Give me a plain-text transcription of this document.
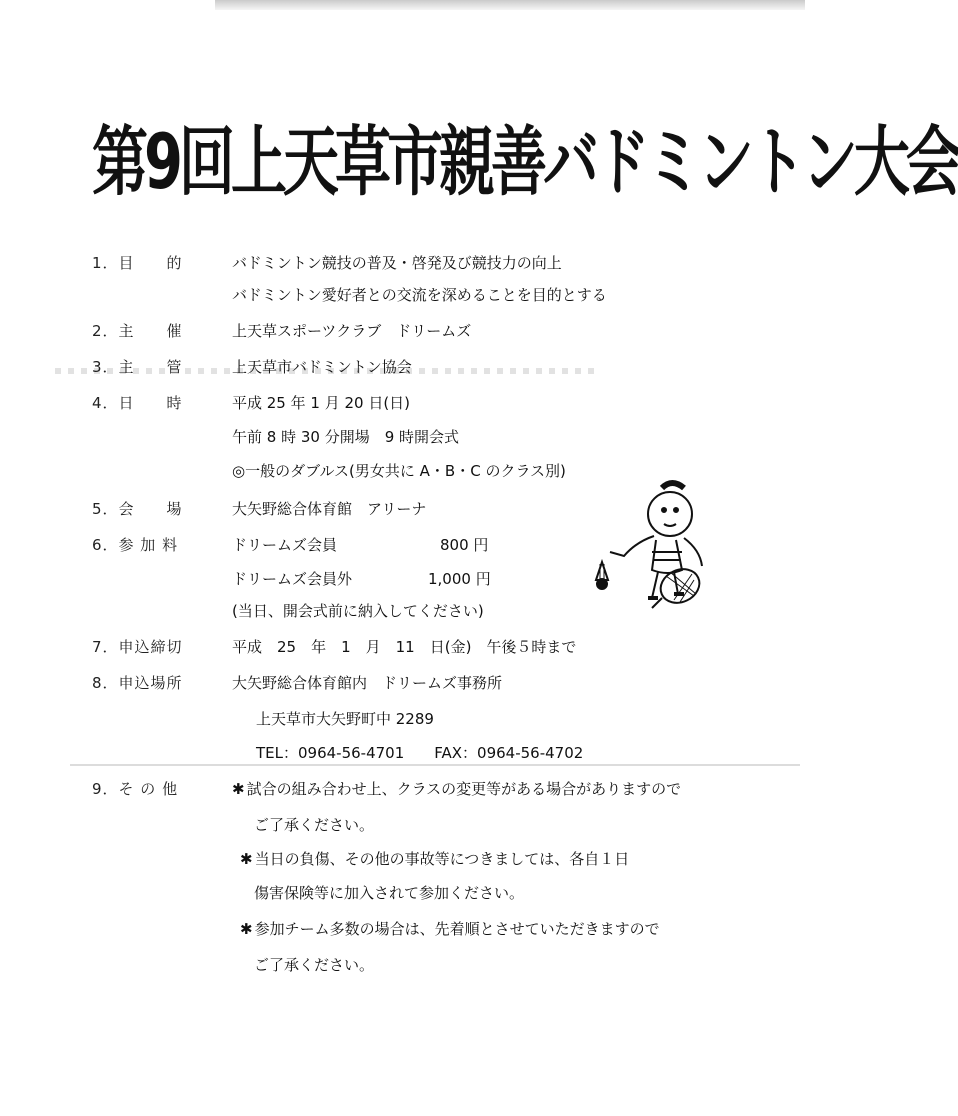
第9回上天草市親善バドミントン大会
1．目　　的	バドミントン競技の普及・啓発及び競技力の向上
バドミントン愛好者との交流を深めることを目的とする
2．主　　催	上天草スポーツクラブ　ドリームズ
3．主　　管	上天草市バドミントン協会
4．日　　時	平成 25 年 1 月 20 日(日)
午前 8 時 30 分開場　9 時開会式
◎一般のダブルス(男女共に A・B・C のクラス別)
5．会　　場	大矢野総合体育館　アリーナ
6．参 加 料	ドリームズ会員	800 円
ドリームズ会員外	1,000 円
(当日、開会式前に納入してください)
7．申込締切	平成　25　年　1　月　11　日(金)　午後５時まで
8．申込場所	大矢野総合体育館内　ドリームズ事務所
上天草市大矢野町中 2289
TEL：0964-56-4701　　FAX：0964-56-4702
9．そ の 他	✱ 試合の組み合わせ上、クラスの変更等がある場合がありますので
ご了承ください。
✱ 当日の負傷、その他の事故等につきましては、各自１日
傷害保険等に加入されて参加ください。
✱ 参加チーム多数の場合は、先着順とさせていただきますので
ご了承ください。
